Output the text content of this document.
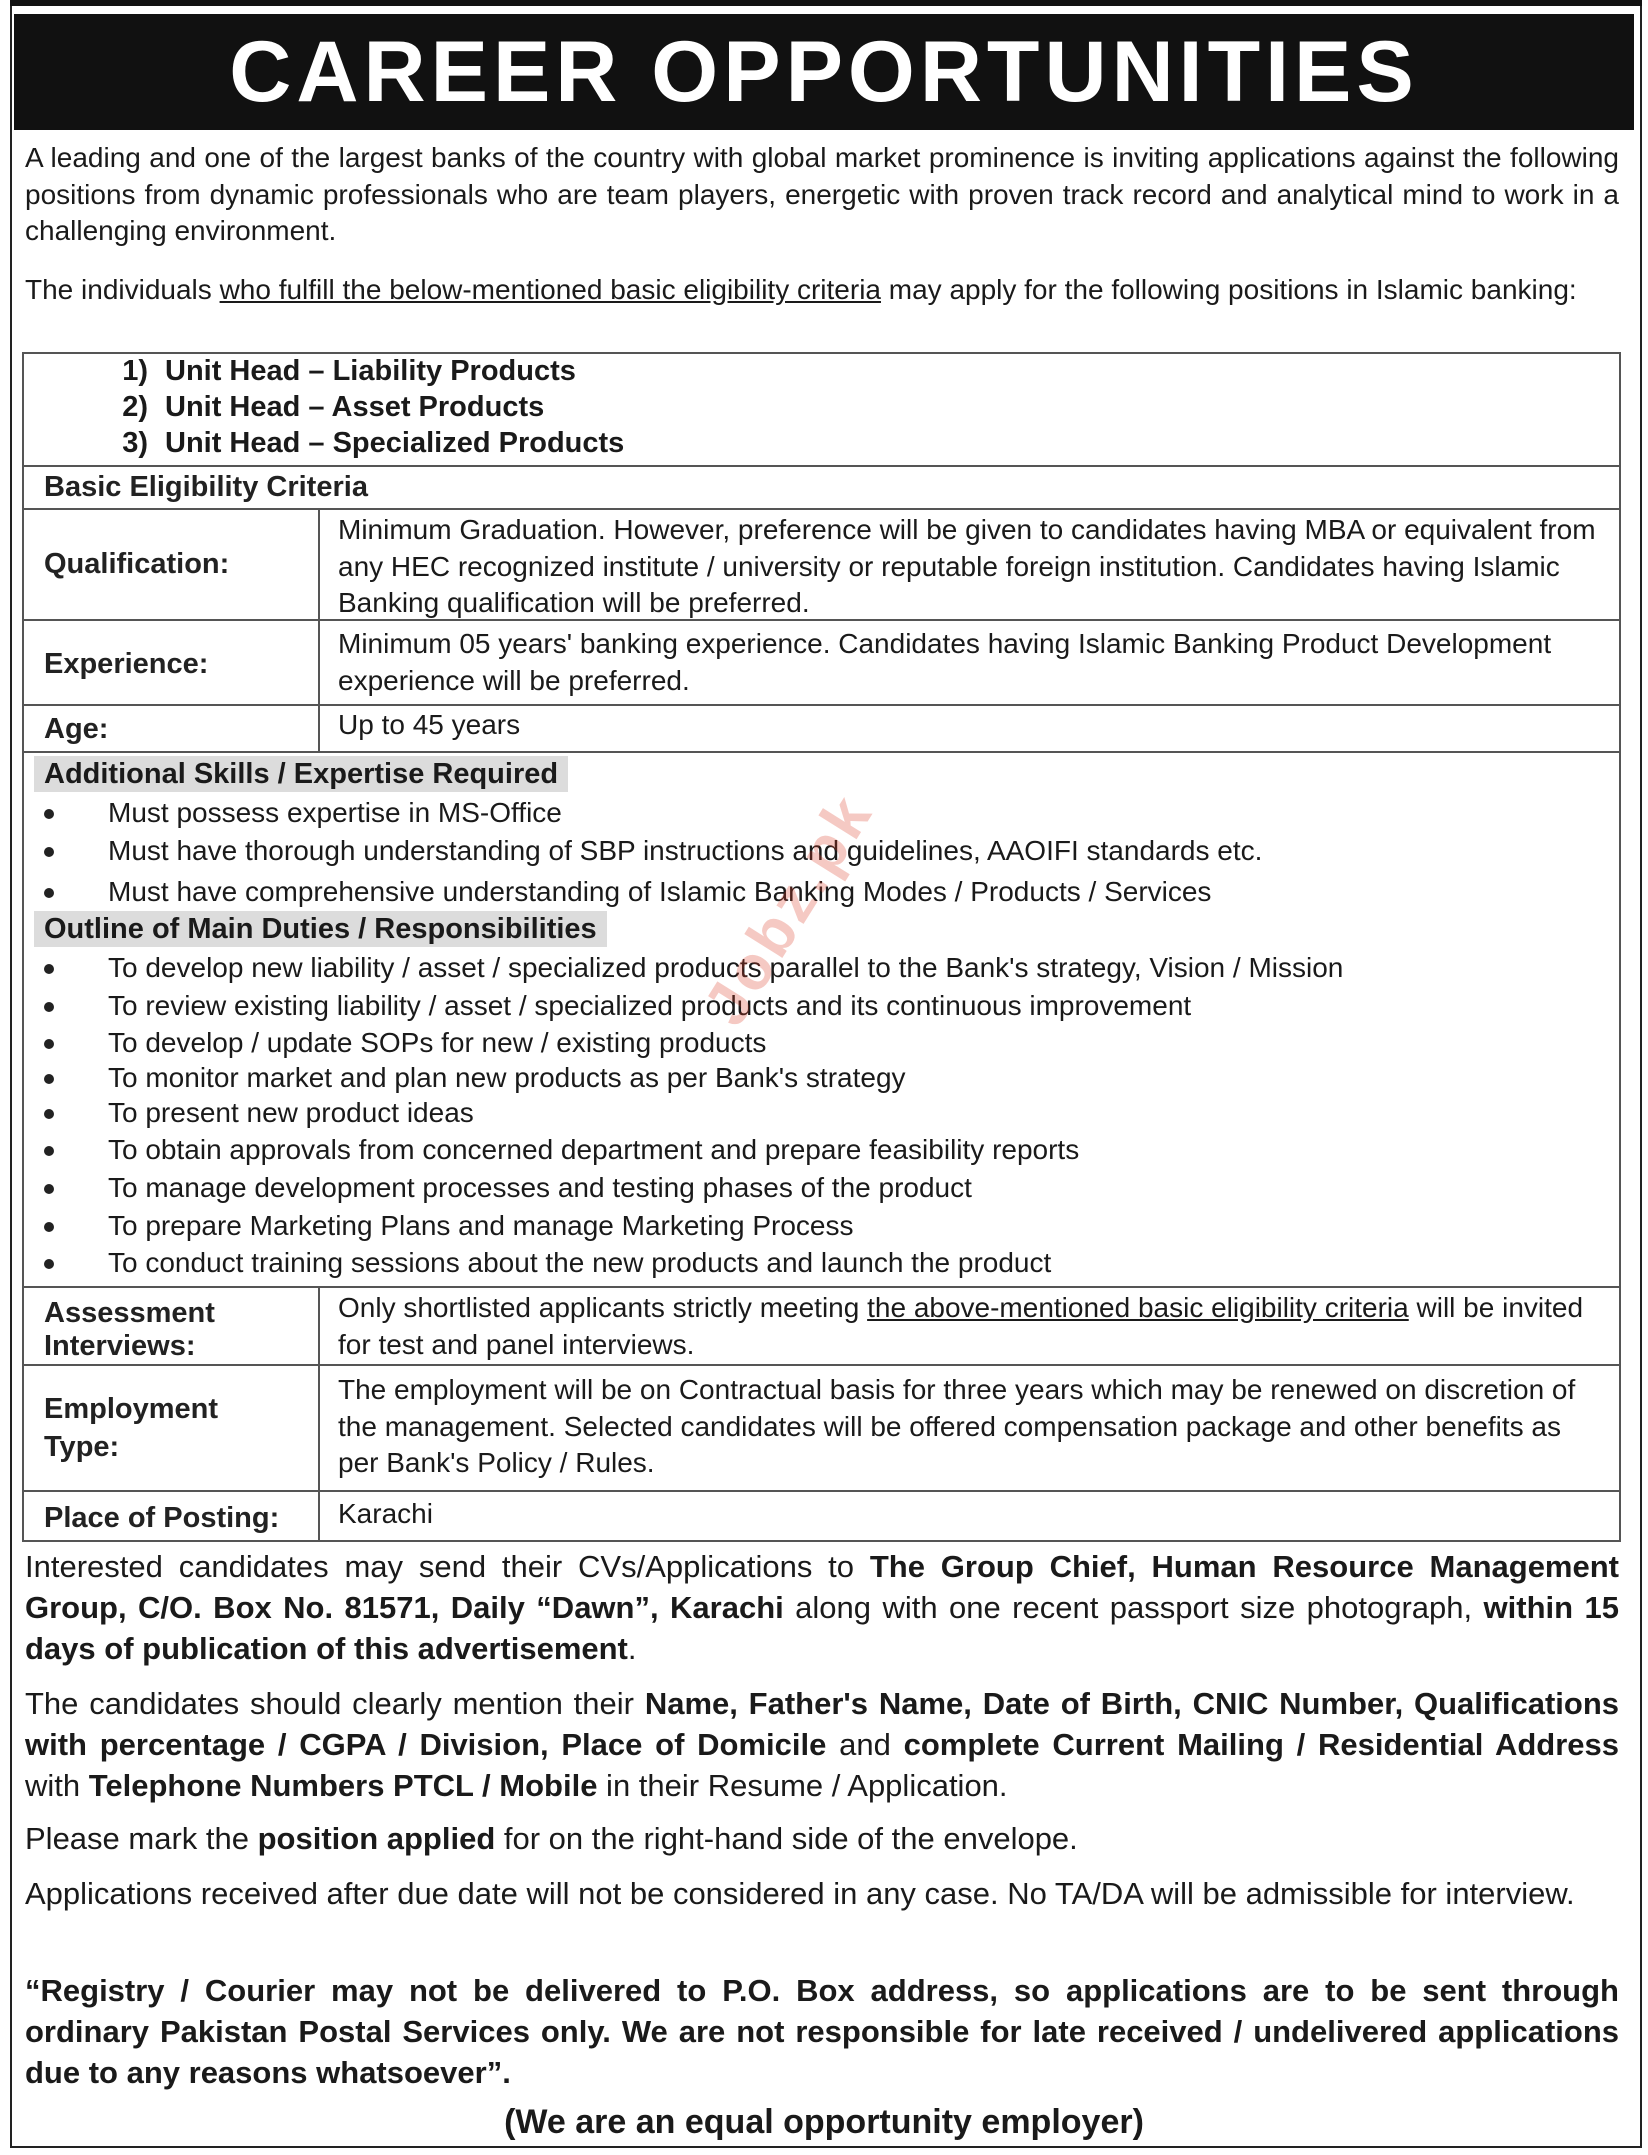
CAREER OPPORTUNITIES

A leading and one of the largest banks of the country with global market prominence is inviting applications against the following positions from dynamic professionals who are team players, energetic with proven track record and analytical mind to work in a challenging environment.

The individuals who fulfill the below-mentioned basic eligibility criteria may apply for the following positions in Islamic banking:

1) Unit Head – Liability Products
2) Unit Head – Asset Products
3) Unit Head – Specialized Products
Basic Eligibility Criteria
Qualification:
Minimum Graduation. However, preference will be given to candidates having MBA or equivalent from any HEC recognized institute / university or reputable foreign institution. Candidates having Islamic Banking qualification will be preferred.
Experience:
Minimum 05 years' banking experience. Candidates having Islamic Banking Product Development experience will be preferred.
Age:	Up to 45 years
Additional Skills / Expertise Required
Must possess expertise in MS-Office
Must have thorough understanding of SBP instructions and guidelines, AAOIFI standards etc.
Must have comprehensive understanding of Islamic Banking Modes / Products / Services
Outline of Main Duties / Responsibilities
To develop new liability / asset / specialized products parallel to the Bank's strategy, Vision / Mission
To review existing liability / asset / specialized products and its continuous improvement
To develop / update SOPs for new / existing products
To monitor market and plan new products as per Bank's strategy
To present new product ideas
To obtain approvals from concerned department and prepare feasibility reports
To manage development processes and testing phases of the product
To prepare Marketing Plans and manage Marketing Process
To conduct training sessions about the new products and launch the product
Assessment
Interviews:
Only shortlisted applicants strictly meeting the above-mentioned basic eligibility criteria will be invited for test and panel interviews.
Employment
Type:
The employment will be on Contractual basis for three years which may be renewed on discretion of the management. Selected candidates will be offered compensation package and other benefits as per Bank's Policy / Rules.
Place of Posting: Karachi

Interested candidates may send their CVs/Applications to The Group Chief, Human Resource Management Group, C/O. Box No. 81571, Daily “Dawn”, Karachi along with one recent passport size photograph, within 15 days of publication of this advertisement.

The candidates should clearly mention their Name, Father's Name, Date of Birth, CNIC Number, Qualifications with percentage / CGPA / Division, Place of Domicile and complete Current Mailing / Residential Address with Telephone Numbers PTCL / Mobile in their Resume / Application.

Please mark the position applied for on the right-hand side of the envelope.

Applications received after due date will not be considered in any case. No TA/DA will be admissible for interview.

“Registry / Courier may not be delivered to P.O. Box address, so applications are to be sent through ordinary Pakistan Postal Services only. We are not responsible for late received / undelivered applications due to any reasons whatsoever”.

(We are an equal opportunity employer)
Jobz.pk
